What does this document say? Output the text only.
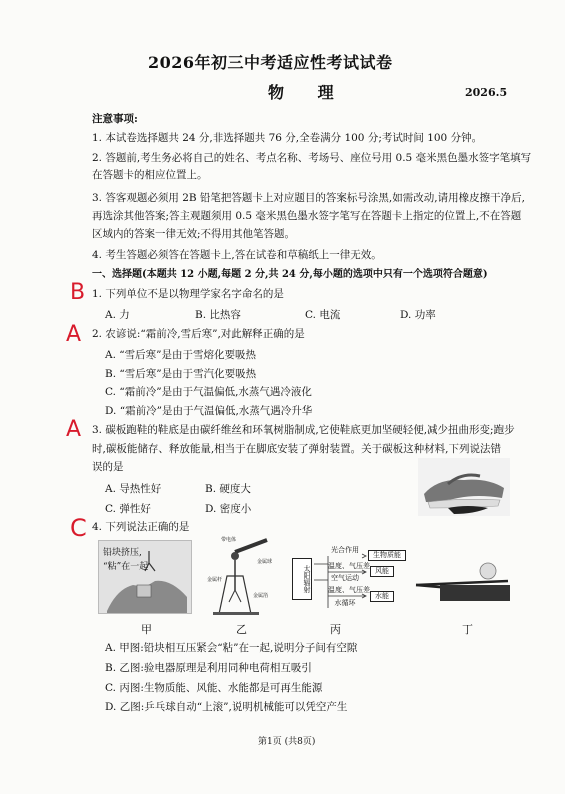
2026年初三中考适应性考试试卷
物 理	2026.5
注意事项:
1. 本试卷选择题共 24 分,非选择题共 76 分,全卷满分 100 分;考试时间 100 分钟。
2. 答题前,考生务必将自己的姓名、考点名称、考场号、座位号用 0.5 毫米黑色墨水签字笔填写
在答题卡的相应位置上。
3. 答客观题必须用 2B 铅笔把答题卡上对应题目的答案标号涂黑,如需改动,请用橡皮擦干净后,
再选涂其他答案;答主观题须用 0.5 毫米黑色墨水签字笔写在答题卡上指定的位置上,不在答题
区域内的答案一律无效;不得用其他笔答题。
4. 考生答题必须答在答题卡上,答在试卷和草稿纸上一律无效。
一、选择题(本题共 12 小题,每题 2 分,共 24 分,每小题的选项中只有一个选项符合题意)
B 1. 下列单位不是以物理学家名字命名的是
A. 力	B. 比热容	C. 电流	D. 功率
A 2. 农谚说:“霜前冷,雪后寒”,对此解释正确的是
A. “雪后寒”是由于雪熔化要吸热
B. “雪后寒”是由于雪汽化要吸热
C. “霜前冷”是由于气温偏低,水蒸气遇冷液化
D. “霜前冷”是由于气温偏低,水蒸气遇冷升华
A 3. 碳板跑鞋的鞋底是由碳纤维丝和环氧树脂制成,它使鞋底更加坚硬轻便,减少扭曲形变;跑步
时,碳板能储存、释放能量,相当于在脚底安装了弹射装置。关于碳板这种材料,下列说法错
误的是
A. 导热性好	B. 硬度大
C. 弹性好	D. 密度小
C 4. 下列说法正确的是
铅块挤压,
“粘”在一起
带电体
金属球
金属杆
金属箔
太阳辐射
光合作用
生物质能
温度、气压差
空气运动
风能
温度、气压差
水循环
水能
甲	乙	丙	丁
A. 甲图:铅块相互压紧会“粘”在一起,说明分子间有空隙
B. 乙图:验电器原理是利用同种电荷相互吸引
C. 丙图:生物质能、风能、水能都是可再生能源
D. 乙图:乒乓球自动“上滚”,说明机械能可以凭空产生
第1页 (共8页)
